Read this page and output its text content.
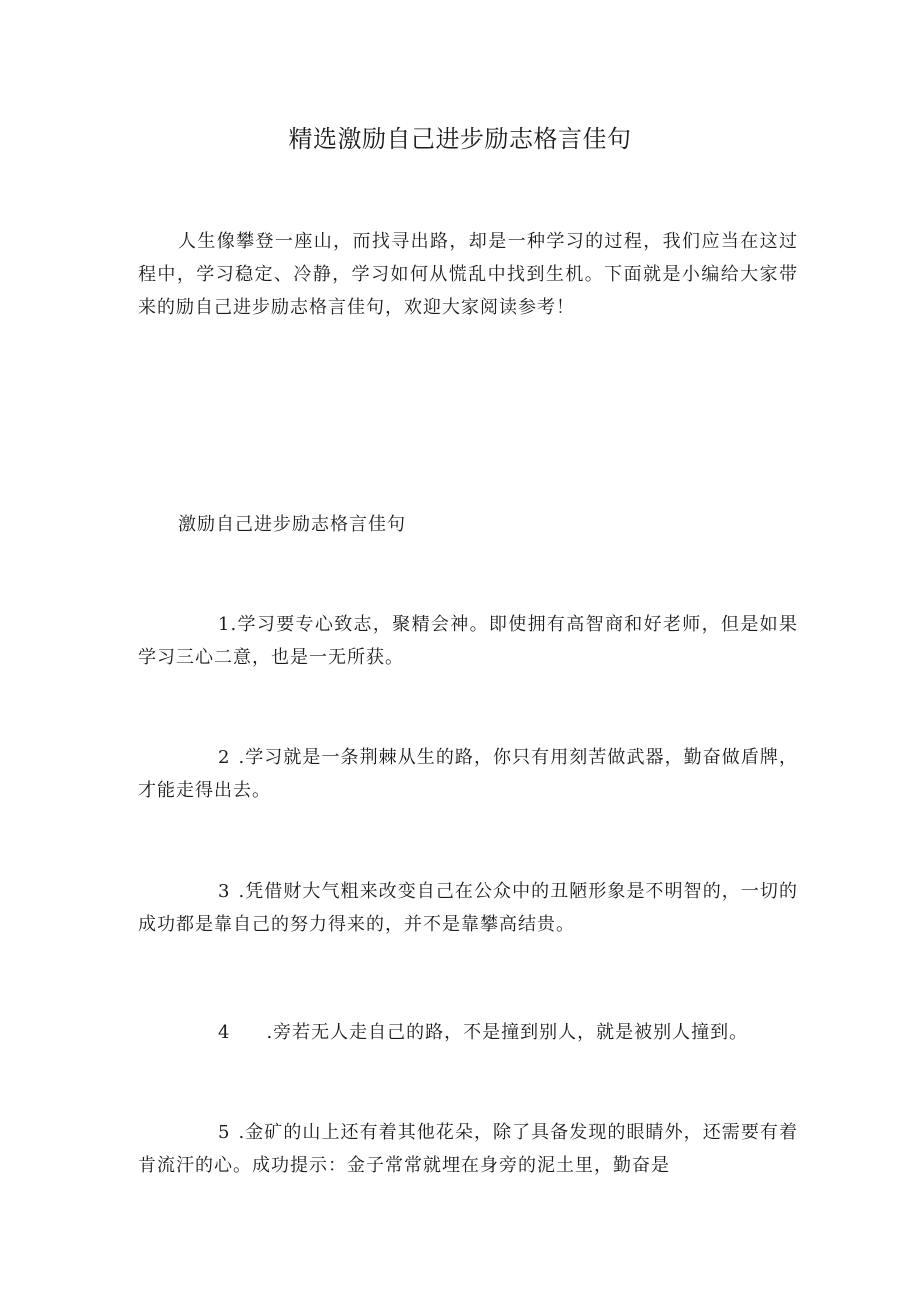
精选激励自己进步励志格言佳句

人生像攀登一座山，而找寻出路，却是一种学习的过程，我们应当在这过程中，学习稳定、冷静，学习如何从慌乱中找到生机。下面就是小编给大家带来的励自己进步励志格言佳句，欢迎大家阅读参考！

激励自己进步励志格言佳句

1.学习要专心致志，聚精会神。即使拥有高智商和好老师，但是如果学习三心二意，也是一无所获。

2 .学习就是一条荆棘从生的路，你只有用刻苦做武器，勤奋做盾牌，才能走得出去。

3 .凭借财大气粗来改变自己在公众中的丑陋形象是不明智的，一切的成功都是靠自己的努力得来的，并不是靠攀高结贵。

4 .旁若无人走自己的路，不是撞到别人，就是被别人撞到。

5 .金矿的山上还有着其他花朵，除了具备发现的眼睛外，还需要有着肯流汗的心。成功提示：金子常常就埋在身旁的泥土里，勤奋是
